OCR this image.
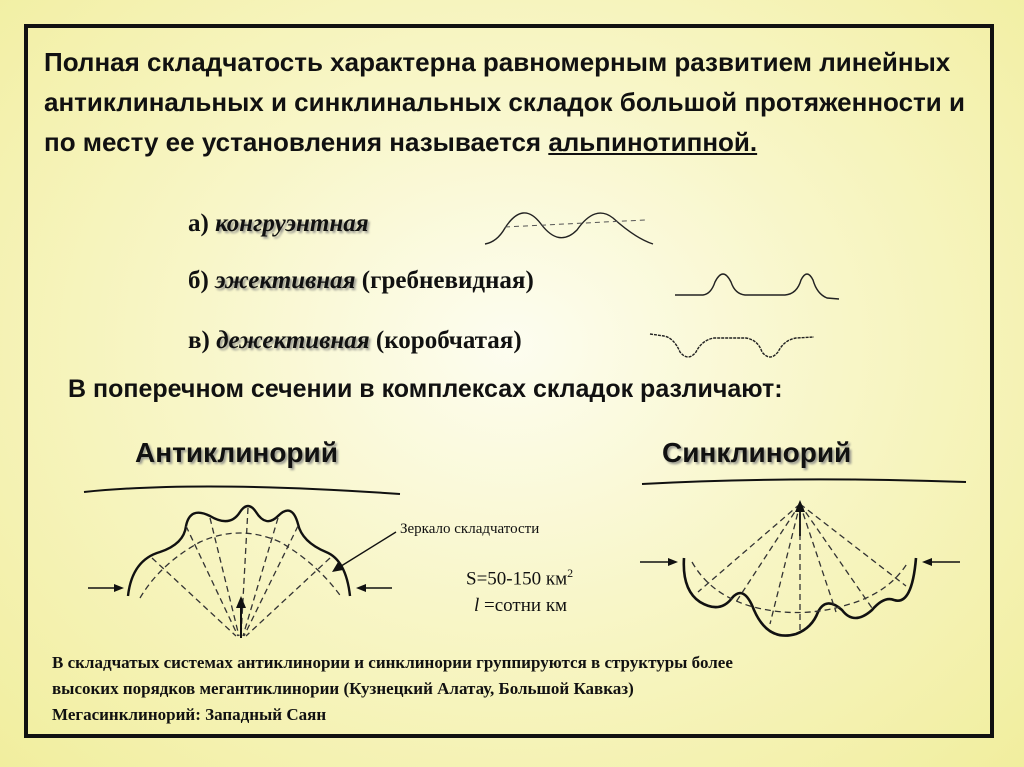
Полная складчатость характерна равномерным развитием линейных антиклинальных и синклинальных складок большой протяженности и по месту ее установления называется альпинотипной.

а) конгруэнтная
б) эжективная (гребневидная)
в) дежективная (коробчатая)

В поперечном сечении в комплексах складок различают:

Антиклинорий
Зеркало складчатости
S=50-150 $км^2$
l =сотни км
Синклинорий
В складчатых системах антиклинории и синклинории группируются в структуры более
высоких порядков мегантиклинории (Кузнецкий Алатау, Большой Кавказ)
Мегасинклинорий: Западный Саян
